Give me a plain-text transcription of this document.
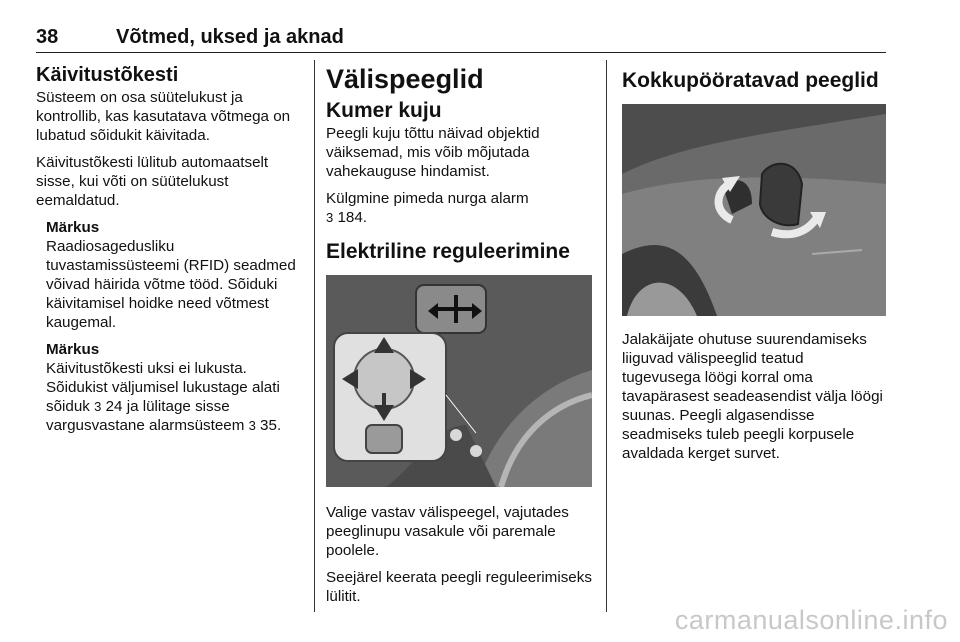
38	Võtmed, uksed ja aknad
Käivitustõkesti

Süsteem on osa süütelukust ja kontrollib, kas kasutatava võtmega on lubatud sõidukit käivitada.

Käivitustõkesti lülitub automaatselt sisse, kui võti on süütelukust eemaldatud.

Märkus

Raadiosagedusliku tuvastamissüsteemi (RFID) seadmed võivad häirida võtme tööd. Sõiduki käivitamisel hoidke need võtmest kaugemal.

Märkus

Käivitustõkesti uksi ei lukusta. Sõidukist väljumisel lukustage alati sõiduk 3 24 ja lülitage sisse vargusvastane alarmsüsteem 3 35.

Välispeeglid
Kumer kuju

Peegli kuju tõttu näivad objektid väiksemad, mis võib mõjutada vahekauguse hindamist.

Külgmine pimeda nurga alarm
3 184.

Elektriline reguleerimine

Valige vastav välispeegel, vajutades peeglinupu vasakule või paremale poolele.

Seejärel keerata peegli reguleerimiseks lülitit.

Kokkupööratavad peeglid

Jalakäijate ohutuse suurendamiseks liiguvad välispeeglid teatud tugevusega löögi korral oma tavapärasest seadeasendist välja löögi suunas. Peegli algasendisse seadmiseks tuleb peegli korpusele avaldada kerget survet.

carmanualsonline.info
